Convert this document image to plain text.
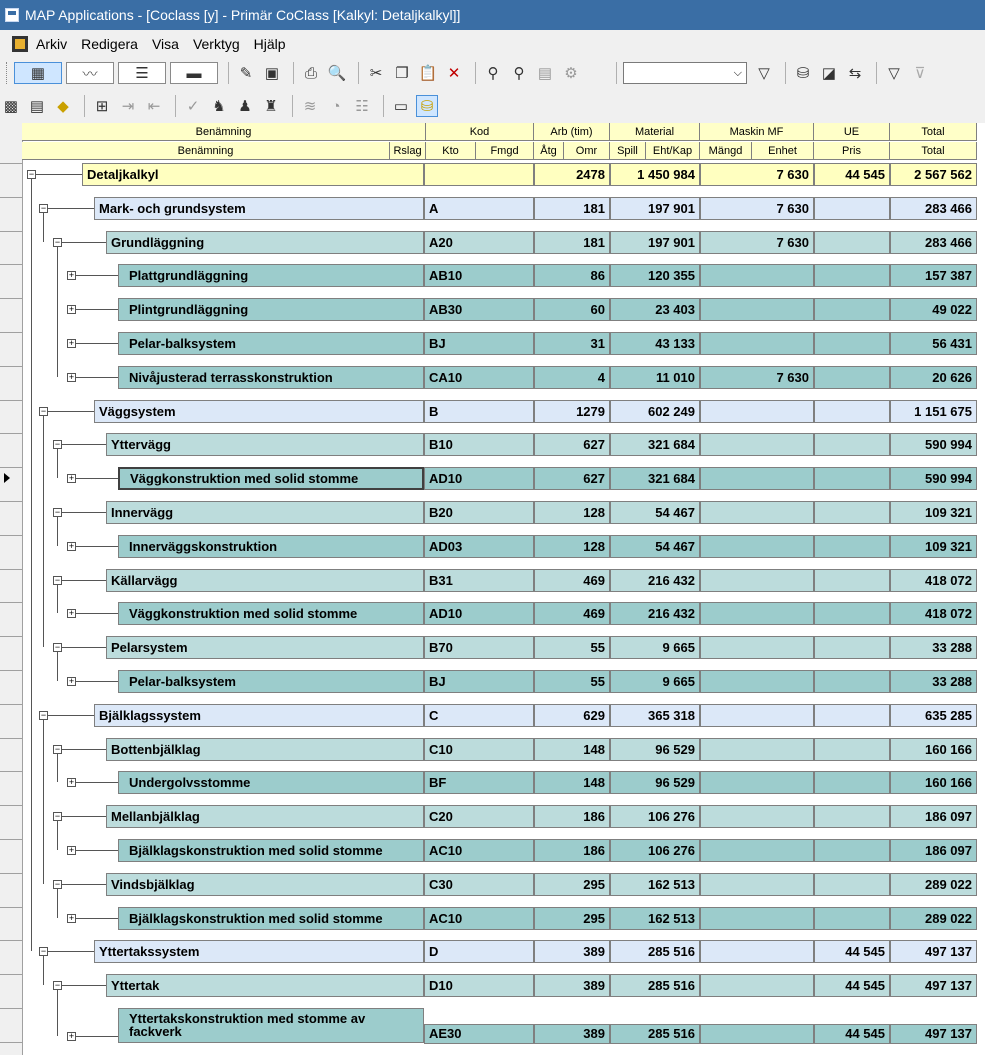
MAP Applications - [Coclass [y] - Primär CoClass [Kalkyl: Detaljkalkyl]]
Arkiv Redigera Visa Verktyg Hjälp
▦	〰	☰	▬	✎ ▣	⎙ 🔍	✂ ❐ 📋 ✕	⚲	⚲ ▤ ⚙	⌵	▽	⛁ ◪ ⇆	▽ ⊽
▩ ▤ ◆	⊞ ⇥ ⇤	✓ ♞ ♟ ♜	≋	◔ ☷ ▭ ⛁
Benämning	Kod	Arb (tim)	Material	Maskin MF	UE	Total
Benämning	Rslag	Kto	Fmgd	Åtg	Omr	Spill	Eht/Kap	Mängd	Enhet	Pris	Total
−	Detaljkalkyl	2478	1 450 984	7 630	44 545	2 567 562
−	Mark- och grundsystem	A	181	197 901	7 630	283 466
−	Grundläggning	A20	181	197 901	7 630	283 466
+	Plattgrundläggning	AB10	86	120 355	157 387
+	Plintgrundläggning	AB30	60	23 403	49 022
+	Pelar-balksystem	BJ	31	43 133	56 431
+	Nivåjusterad terrasskonstruktion	CA10	4	11 010	7 630	20 626
−	Väggsystem	B	1279	602 249	1 151 675
−	Yttervägg	B10	627	321 684	590 994
+	Väggkonstruktion med solid stomme	AD10	627	321 684	590 994
−	Innervägg	B20	128	54 467	109 321
+	Innerväggskonstruktion	AD03	128	54 467	109 321
−	Källarvägg	B31	469	216 432	418 072
+	Väggkonstruktion med solid stomme	AD10	469	216 432	418 072
−	Pelarsystem	B70	55	9 665	33 288
+	Pelar-balksystem	BJ	55	9 665	33 288
−	Bjälklagssystem	C	629	365 318	635 285
−	Bottenbjälklag	C10	148	96 529	160 166
+	Undergolvsstomme	BF	148	96 529	160 166
−	Mellanbjälklag	C20	186	106 276	186 097
+	Bjälklagskonstruktion med solid stomme	AC10	186	106 276	186 097
−	Vindsbjälklag	C30	295	162 513	289 022
+	Bjälklagskonstruktion med solid stomme	AC10	295	162 513	289 022
−	Yttertakssystem	D	389	285 516	44 545	497 137
−	Yttertak	D10	389	285 516	44 545	497 137
+
Yttertakskonstruktion med stomme av fackverk	AE30	389	285 516	44 545	497 137
